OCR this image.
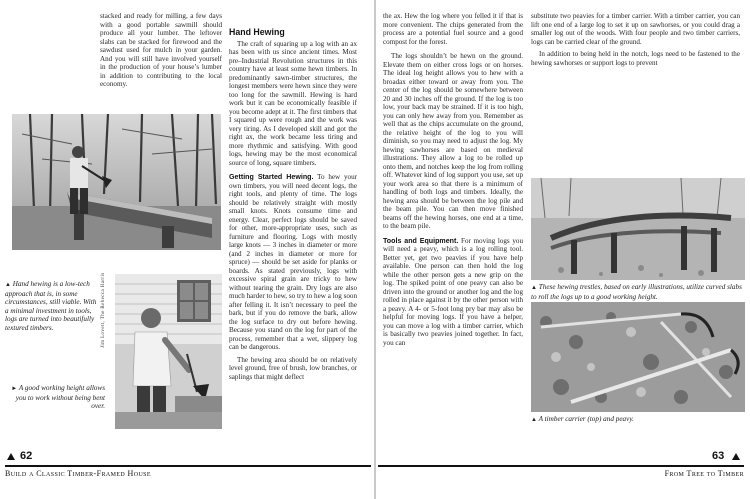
stacked and ready for milling, a few days with a good portable sawmill should produce all your lumber. The leftover slabs can be stacked for firewood and the sawdust used for mulch in your garden. And you will still have involved yourself in the production of your house’s lumber in addition to contributing to the local economy.

▲ Hand hewing is a low-tech approach that is, in some circumstances, still viable. With a minimal investment in tools, logs are turned into beautifully textured timbers.	Jim Lovett, The Rebecca Harris
► A good working height allows you to work without being bent over.
Hand Hewing

The craft of squaring up a log with an ax has been with us since ancient times. Most pre–Industrial Revolution structures in this country have at least some hewn timbers. In predominantly sawn-timber structures, the longest members were hewn since they were too long for the sawmill. Hewing is hard work but it can be economically feasible if you become adept at it. The first timbers that I squared up were rough and the work was very tiring. As I developed skill and got the right ax, the work became less tiring and more rhythmic and satisfying. With good logs, hewing may be the most economical source of long, square timbers.

Getting Started Hewing. To hew your own timbers, you will need decent logs, the right tools, and plenty of time. The logs should be relatively straight with mostly small knots. Knots consume time and energy. Clear, perfect logs should be saved for other, more-appropriate uses, such as furniture and flooring. Logs with mostly large knots — 3 inches in diameter or more (and 2 inches in diameter or more for spruce) — should be set aside for planks or boards. As stated previously, logs with excessive spiral grain are tricky to hew without tearing the grain. Dry logs are also much harder to hew, so try to hew a log soon after felling it. It isn’t necessary to peel the bark, but if you do remove the bark, allow the log surface to dry out before hewing. Because you stand on the log for part of the process, remember that a wet, slippery log can be dangerous.

The hewing area should be on relatively level ground, free of brush, low branches, or saplings that might deflect

62
Build a Classic Timber-Framed House

the ax. Hew the log where you felled it if that is more convenient. The chips generated from the process are a potential fuel source and a good compost for the forest.

The logs shouldn’t be hewn on the ground. Elevate them on either cross logs or on horses. The ideal log height allows you to hew with a broadax either toward or away from you. The center of the log should be somewhere between 20 and 30 inches off the ground. If the log is too low, your back may be strained. If it is too high, you can only hew away from you. Remember as well that as the chips accumulate on the ground, the relative height of the log to you will diminish, so you may need to adjust the log. My hewing sawhorses are based on medieval illustrations. They allow a log to be rolled up onto them, and notches keep the log from rolling off. Whatever kind of log support you use, set up your work area so that there is a minimum of handling of both logs and timbers. Ideally, the hewing area should be between the log pile and the beam pile. You can then move finished beams off the hewing horses, one end at a time, to the beam pile.

Tools and Equipment. For moving logs you will need a peavy, which is a log rolling tool. Better yet, get two peavies if you have help available. One person can then hold the log while the other person gets a new grip on the log. The spiked point of one peavy can also be driven into the ground or another log and the log rolled in place against it by the other person with a peavy. A 4- or 5-foot long pry bar may also be helpful for moving logs. If you have a helper, you can move a log with a timber carrier, which is basically two peavies joined together. In fact, you can

substitute two peavies for a timber carrier. With a timber carrier, you can lift one end of a large log to set it up on sawhorses, or you could drag a smaller log out of the woods. With four people and two timber carriers, logs can be carried clear of the ground.

In addition to being held in the notch, logs need to be fastened to the hewing sawhorses or support logs to prevent

▲ These hewing trestles, based on early illustrations, utilize curved slabs to roll the logs up to a good working height.
▲ A timber carrier (top) and peavy.
63
From Tree to Timber
